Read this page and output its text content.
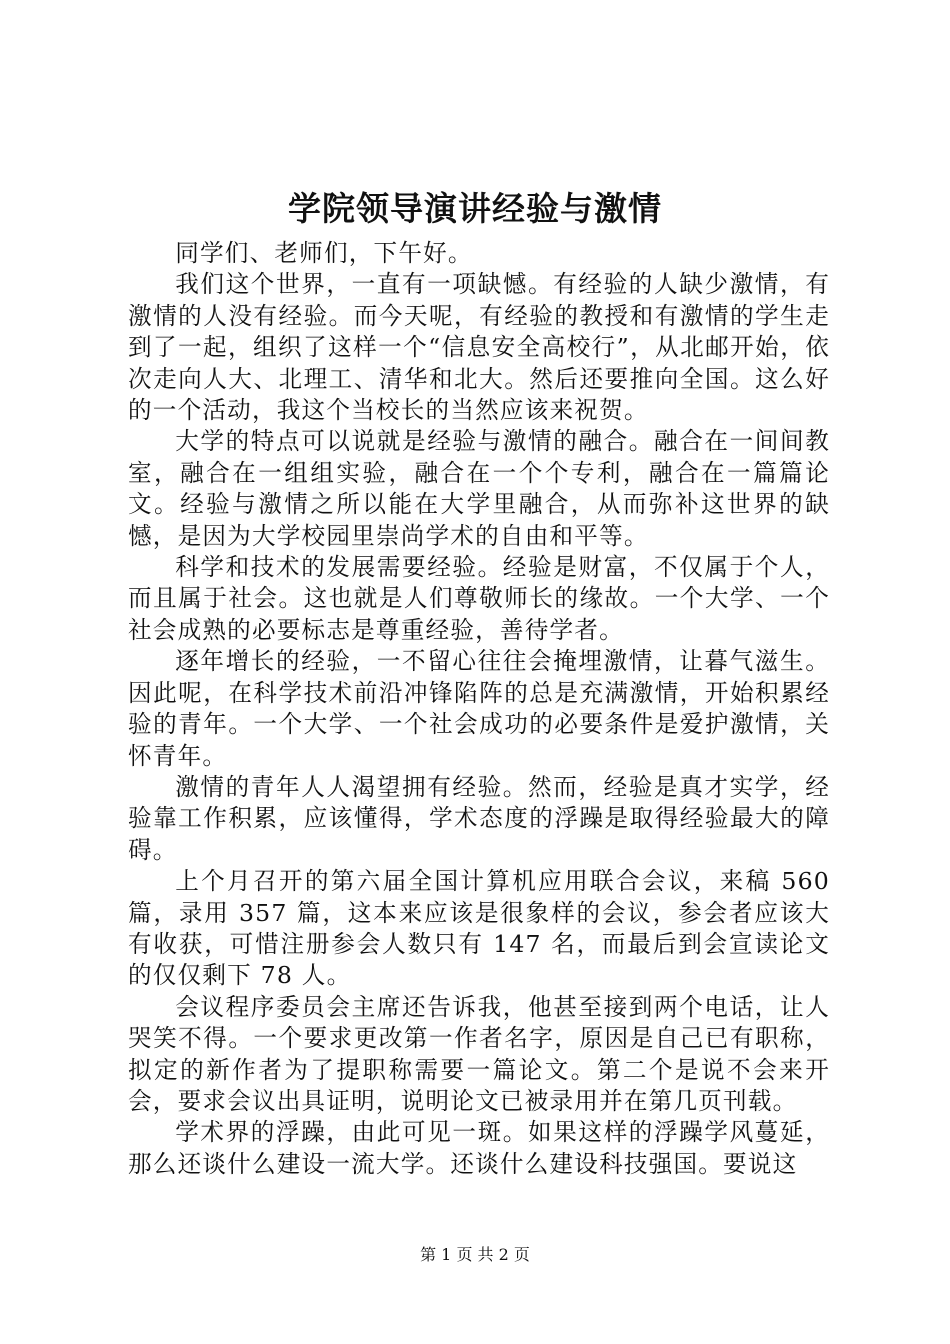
学院领导演讲经验与激情

同学们、老师们，下午好。

我们这个世界，一直有一项缺憾。有经验的人缺少激情，有激情的人没有经验。而今天呢，有经验的教授和有激情的学生走到了一起，组织了这样一个“信息安全高校行”，从北邮开始，依次走向人大、北理工、清华和北大。然后还要推向全国。这么好的一个活动，我这个当校长的当然应该来祝贺。

大学的特点可以说就是经验与激情的融合。融合在一间间教室，融合在一组组实验，融合在一个个专利，融合在一篇篇论文。经验与激情之所以能在大学里融合，从而弥补这世界的缺憾，是因为大学校园里崇尚学术的自由和平等。

科学和技术的发展需要经验。经验是财富，不仅属于个人，而且属于社会。这也就是人们尊敬师长的缘故。一个大学、一个社会成熟的必要标志是尊重经验，善待学者。

逐年增长的经验，一不留心往往会掩埋激情，让暮气滋生。因此呢，在科学技术前沿冲锋陷阵的总是充满激情，开始积累经验的青年。一个大学、一个社会成功的必要条件是爱护激情，关怀青年。

激情的青年人人渴望拥有经验。然而，经验是真才实学，经验靠工作积累，应该懂得，学术态度的浮躁是取得经验最大的障碍。

上个月召开的第六届全国计算机应用联合会议，来稿 560 篇，录用 357 篇，这本来应该是很象样的会议，参会者应该大有收获，可惜注册参会人数只有 147 名，而最后到会宣读论文的仅仅剩下 78 人。

会议程序委员会主席还告诉我，他甚至接到两个电话，让人哭笑不得。一个要求更改第一作者名字，原因是自己已有职称，拟定的新作者为了提职称需要一篇论文。第二个是说不会来开会，要求会议出具证明，说明论文已被录用并在第几页刊载。

学术界的浮躁，由此可见一斑。如果这样的浮躁学风蔓延，那么还谈什么建设一流大学。还谈什么建设科技强国。要说这

第 1 页 共 2 页
